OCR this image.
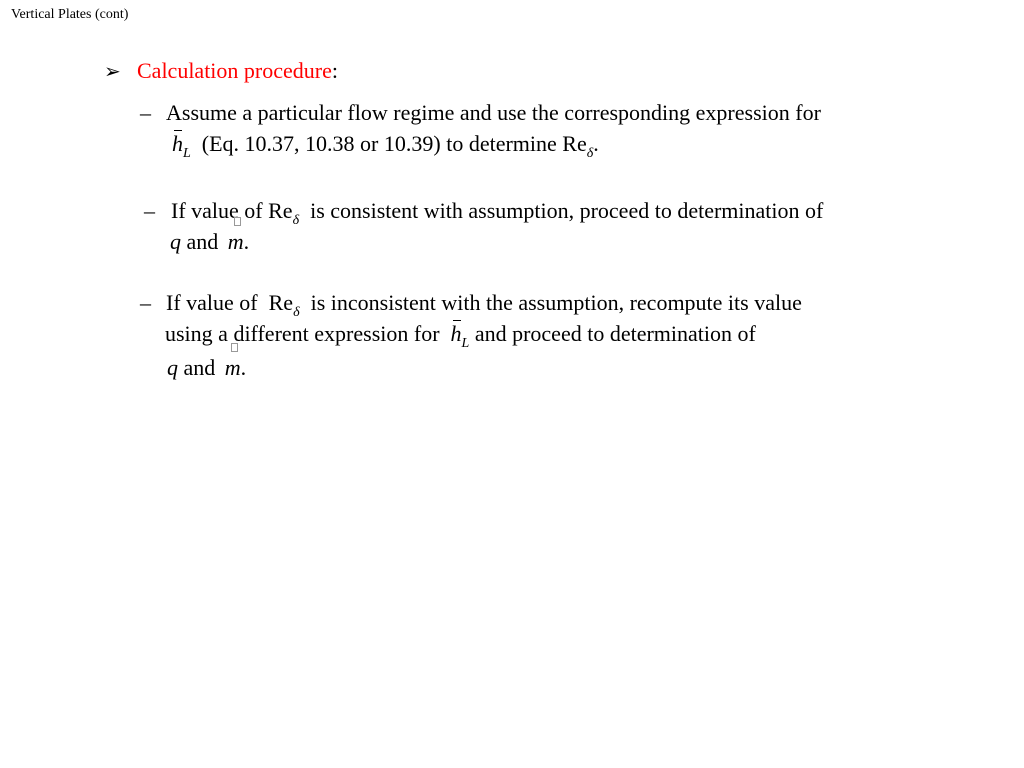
Vertical Plates (cont)
➢ Calculation procedure:
– Assume a particular flow regime and use the corresponding expression for
$h_L$ (Eq. 10.37, 10.38 or 10.39) to determine $Re_\delta$.
– If value of $Re_\delta$ is consistent with assumption, proceed to determination of
q and m.
– If value of $Re_\delta$ is inconsistent with the assumption, recompute its value
using a different expression for $h_L$ and proceed to determination of
q and m.
